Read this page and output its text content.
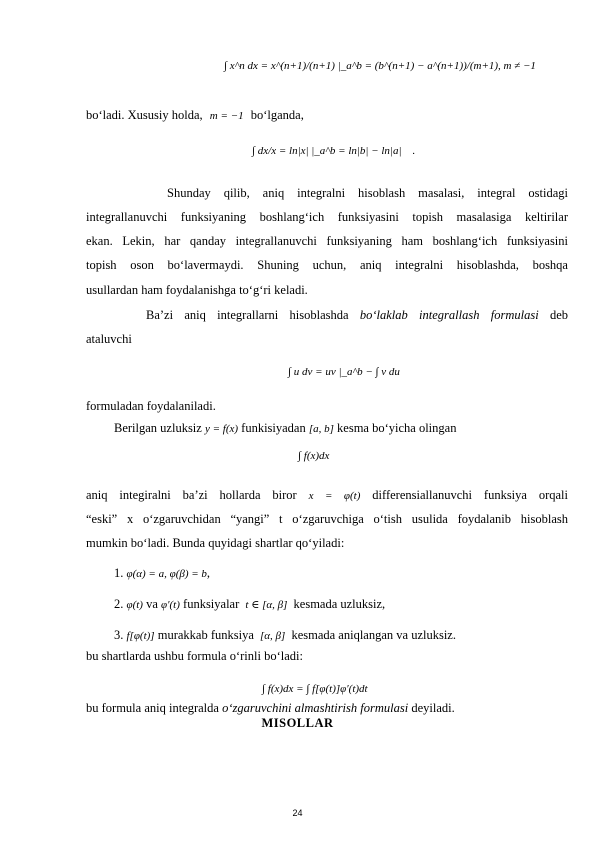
∫ x^n dx = x^(n+1)/(n+1) |_a^b = (b^(n+1) − a^(n+1))/(m+1), m ≠ −1
bo‘ladi. Xususiy holda, m = −1 bo‘lganda,
∫ dx/x = ln|x| |_a^b = ln|b| − ln|a| .
Shunday qilib, aniq integralni hisoblash masalasi, integral ostidagi
integrallanuvchi funksiyaning boshlang‘ich funksiyasini topish masalasiga keltirilar
ekan. Lekin, har qanday integrallanuvchi funksiyaning ham boshlang‘ich funksiyasini
topish oson bo‘lavermaydi. Shuning uchun, aniq integralni hisoblashda, boshqa
usullardan ham foydalanishga to‘g‘ri keladi.
Ba’zi aniq integrallarni hisoblashda bo‘laklab integrallash formulasi deb
ataluvchi
∫ u dv = uv |_a^b − ∫ v du
formuladan foydalaniladi.
Berilgan uzluksiz y = f(x) funkisiyadan [a, b] kesma bo‘yicha olingan
∫ f(x)dx
aniq integiralni ba’zi hollarda biror x = φ(t) differensiallanuvchi funksiya orqali
“eski” x o‘zgaruvchidan “yangi” t o‘zgaruvchiga o‘tish usulida foydalanib hisoblash
mumkin bo‘ladi. Bunda quyidagi shartlar qo‘yiladi:
1. φ(α) = a, φ(β) = b,
2. φ(t) va φ′(t) funksiyalar t ∈ [α, β] kesmada uzluksiz,
3. f[φ(t)] murakkab funksiya [α, β] kesmada aniqlangan va uzluksiz.
bu shartlarda ushbu formula o‘rinli bo‘ladi:
∫ f(x)dx = ∫ f[φ(t)]φ′(t)dt
bu formula aniq integralda o‘zgaruvchini almashtirish formulasi deyiladi.
MISOLLAR
24
